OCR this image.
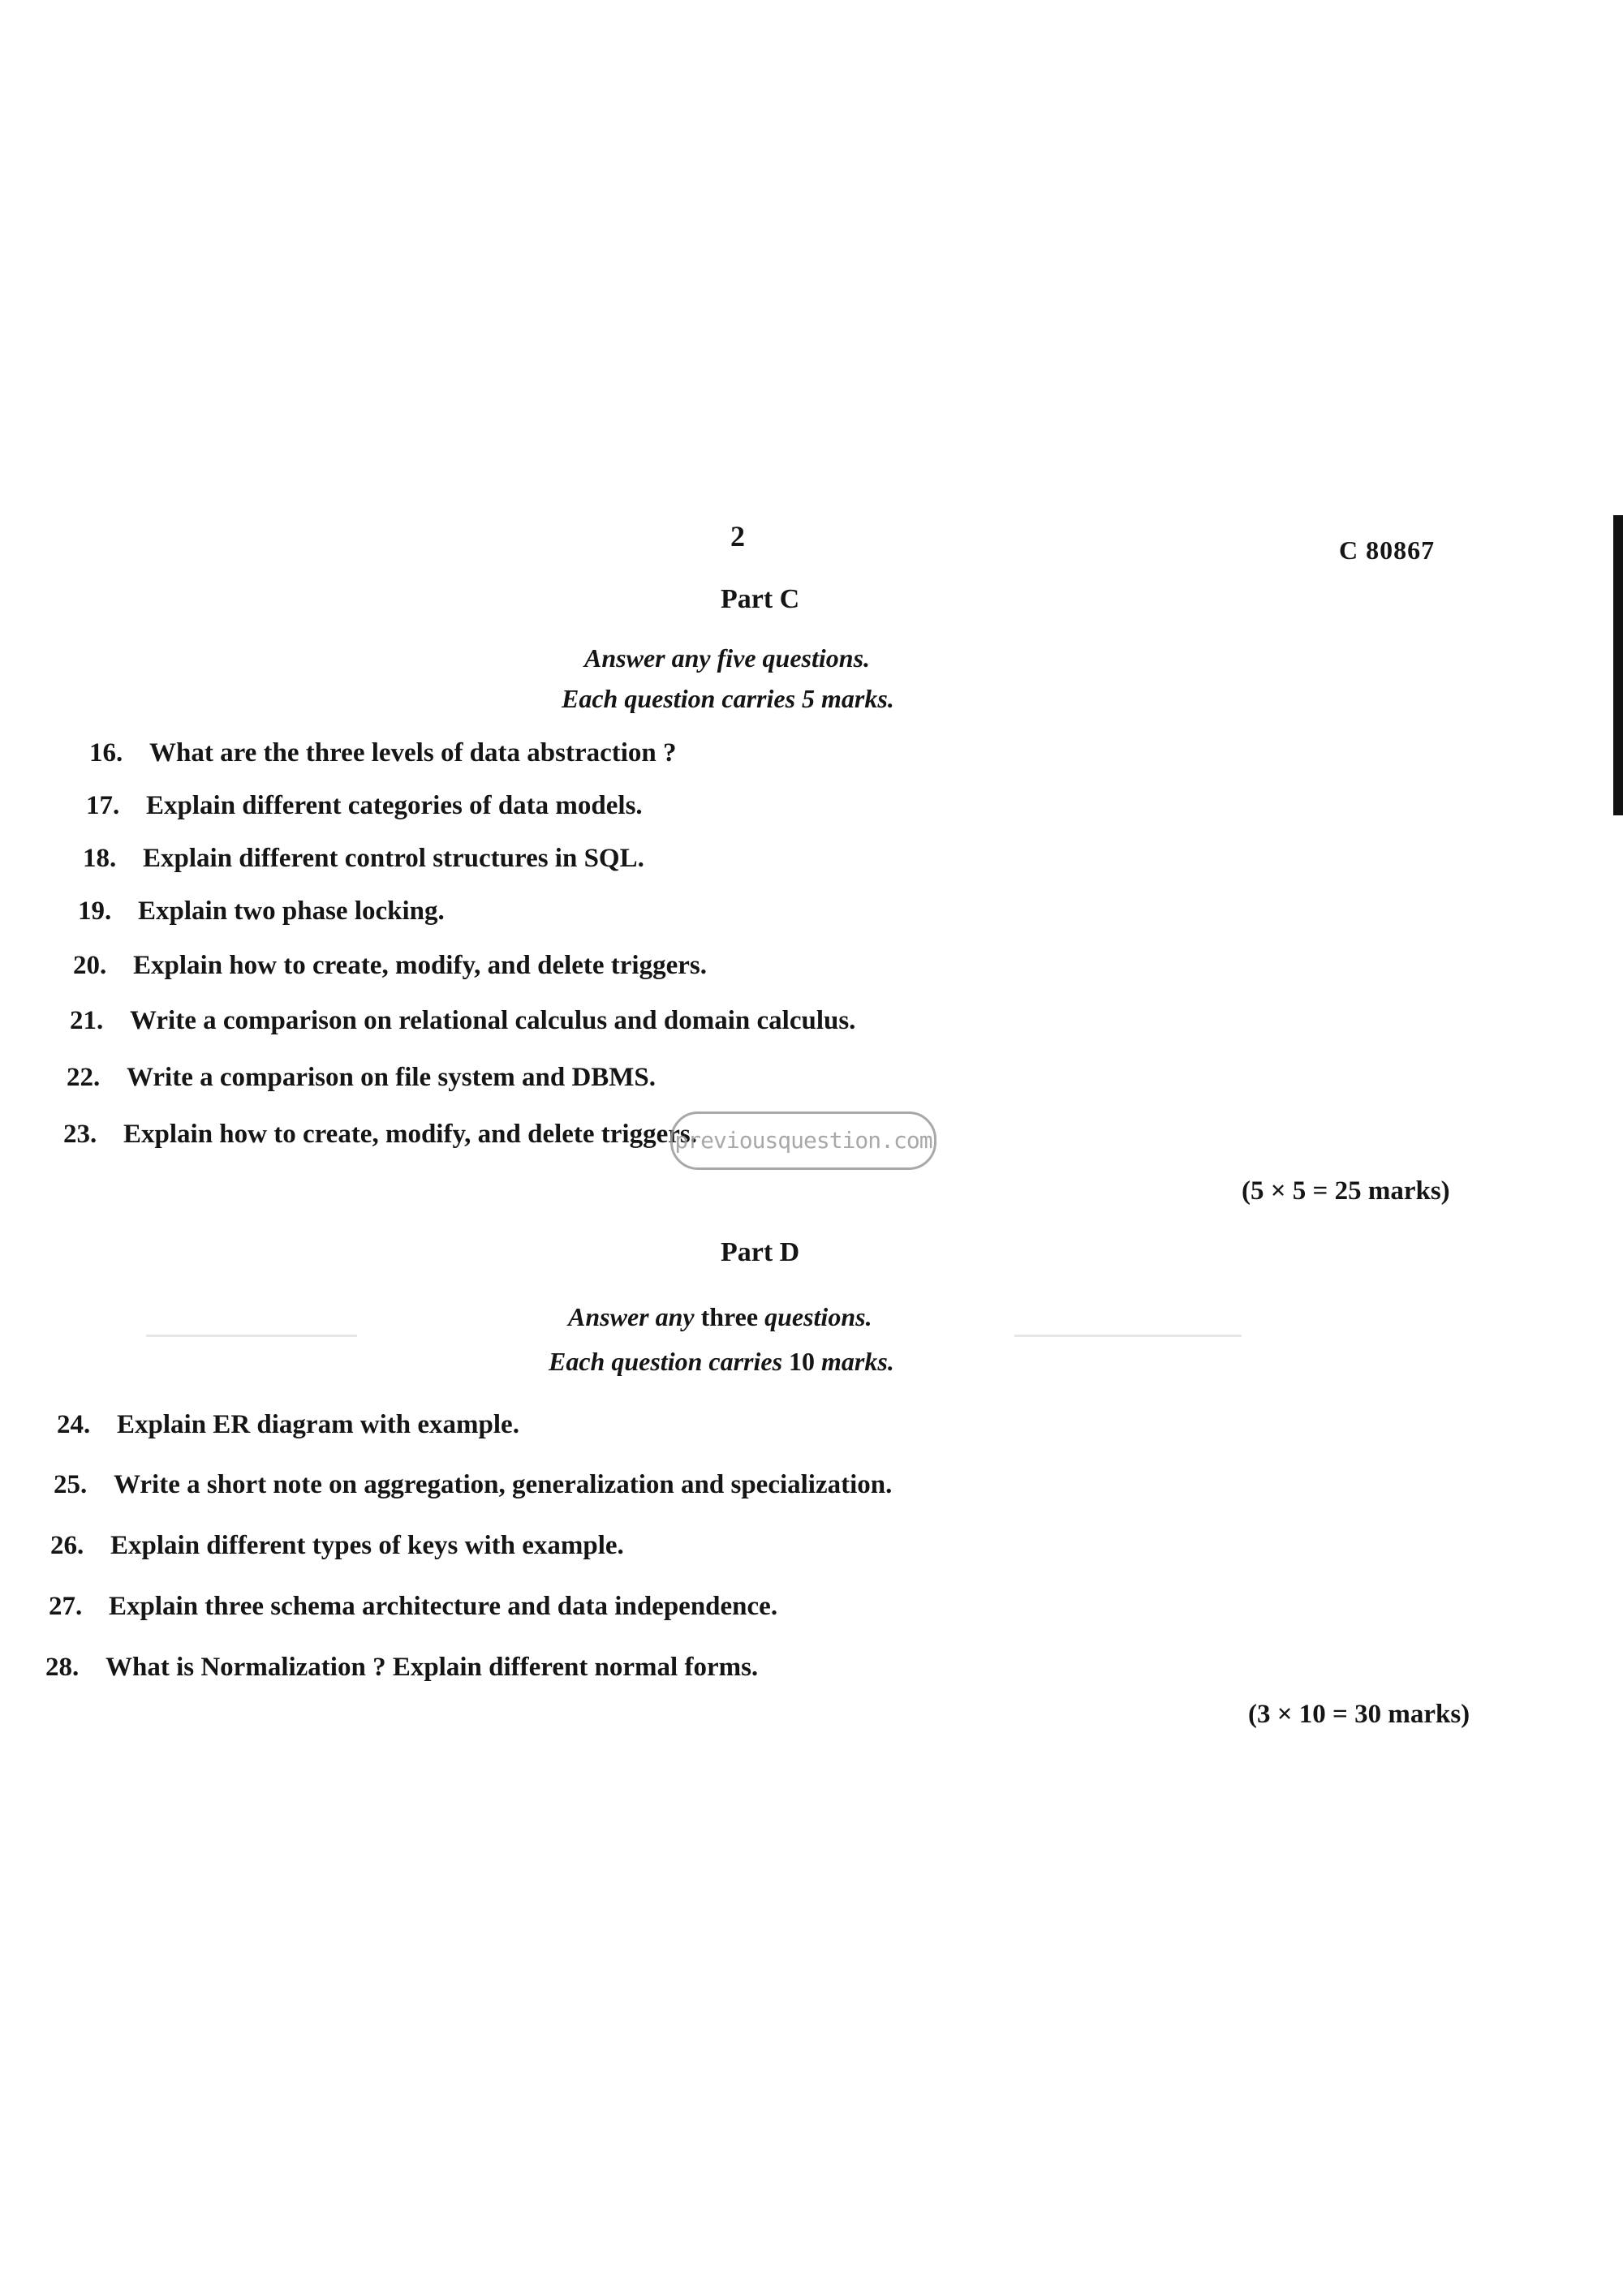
2	C 80867
Part C
Answer any five questions.
Each question carries 5 marks.
16. What are the three levels of data abstraction ?
17. Explain different categories of data models.
18. Explain different control structures in SQL.
19. Explain two phase locking.
20. Explain how to create, modify, and delete triggers.
21. Write a comparison on relational calculus and domain calculus.
22. Write a comparison on file system and DBMS.
23. Explain how to create, modify, and delete triggers.
previousquestion.com
(5 × 5 = 25 marks)
Part D
Answer any three questions.
Each question carries 10 marks.
24. Explain ER diagram with example.
25. Write a short note on aggregation, generalization and specialization.
26. Explain different types of keys with example.
27. Explain three schema architecture and data independence.
28. What is Normalization ? Explain different normal forms.
(3 × 10 = 30 marks)
